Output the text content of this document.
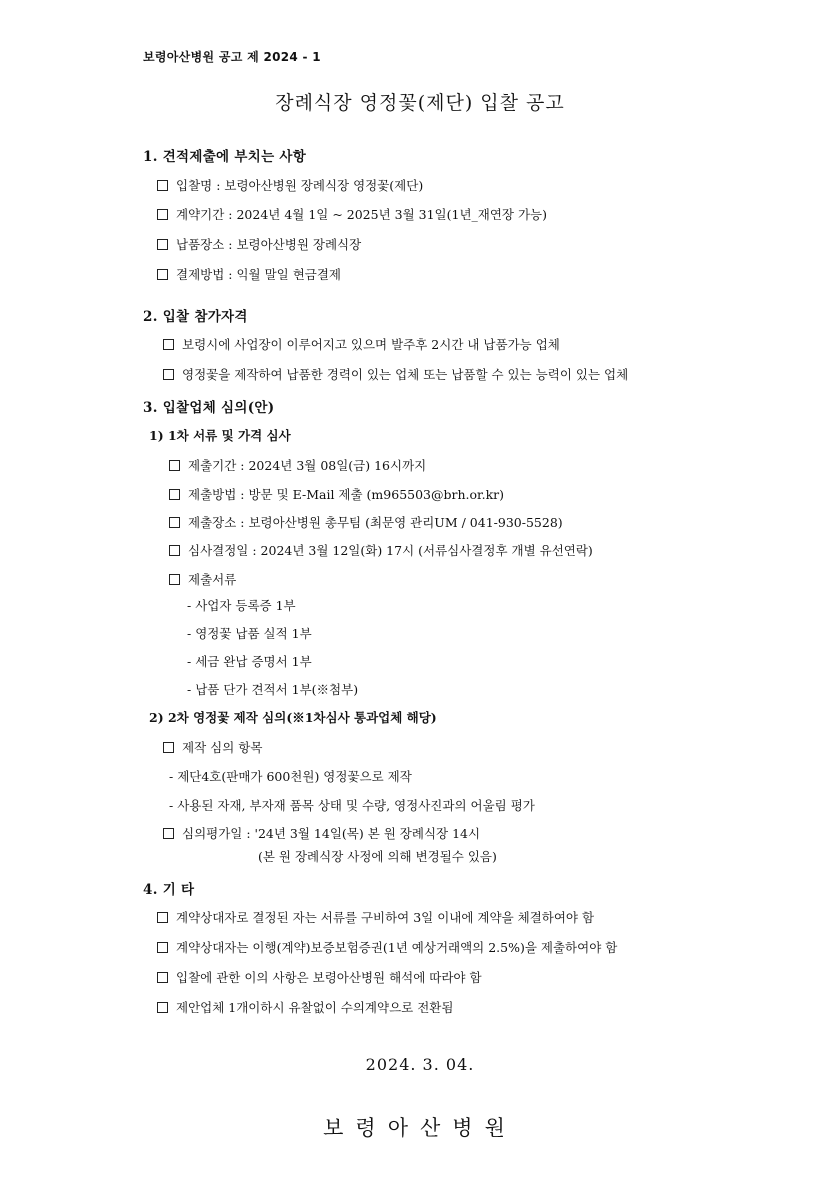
보령아산병원 공고 제 2024 - 1
장례식장 영정꽃(제단) 입찰 공고
1. 견적제출에 부치는 사항
입찰명 : 보령아산병원 장례식장 영정꽃(제단)
계약기간 : 2024년 4월 1일 ~ 2025년 3월 31일(1년_재연장 가능)
납품장소 : 보령아산병원 장례식장
결제방법 : 익월 말일 현금결제
2. 입찰 참가자격
보령시에 사업장이 이루어지고 있으며 발주후 2시간 내 납품가능 업체
영정꽃을 제작하여 납품한 경력이 있는 업체 또는 납품할 수 있는 능력이 있는 업체
3. 입찰업체 심의(안)
1) 1차 서류 및 가격 심사
제출기간 : 2024년 3월 08일(금) 16시까지
제출방법 : 방문 및 E-Mail 제출 (m965503@brh.or.kr)
제출장소 : 보령아산병원 총무팀 (최문영 관리UM / 041-930-5528)
심사결정일 : 2024년 3월 12일(화) 17시 (서류심사결정후 개별 유선연락)
제출서류
- 사업자 등록증 1부
- 영정꽃 납품 실적 1부
- 세금 완납 증명서 1부
- 납품 단가 견적서 1부(※첨부)
2) 2차 영정꽃 제작 심의(※1차심사 통과업체 해당)
제작 심의 항목
- 제단4호(판매가 600천원) 영정꽃으로 제작
- 사용된 자재, 부자재 품목 상태 및 수량, 영정사진과의 어울림 평가
심의평가일 : '24년 3월 14일(목) 본 원 장례식장 14시
(본 원 장례식장 사정에 의해 변경될수 있음)
4. 기 타
계약상대자로 결정된 자는 서류를 구비하여 3일 이내에 계약을 체결하여야 함
계약상대자는 이행(계약)보증보험증권(1년 예상거래액의 2.5%)을 제출하여야 함
입찰에 관한 이의 사항은 보령아산병원 해석에 따라야 함
제안업체 1개이하시 유찰없이 수의계약으로 전환됨
2024. 3. 04.
보령아산병원
